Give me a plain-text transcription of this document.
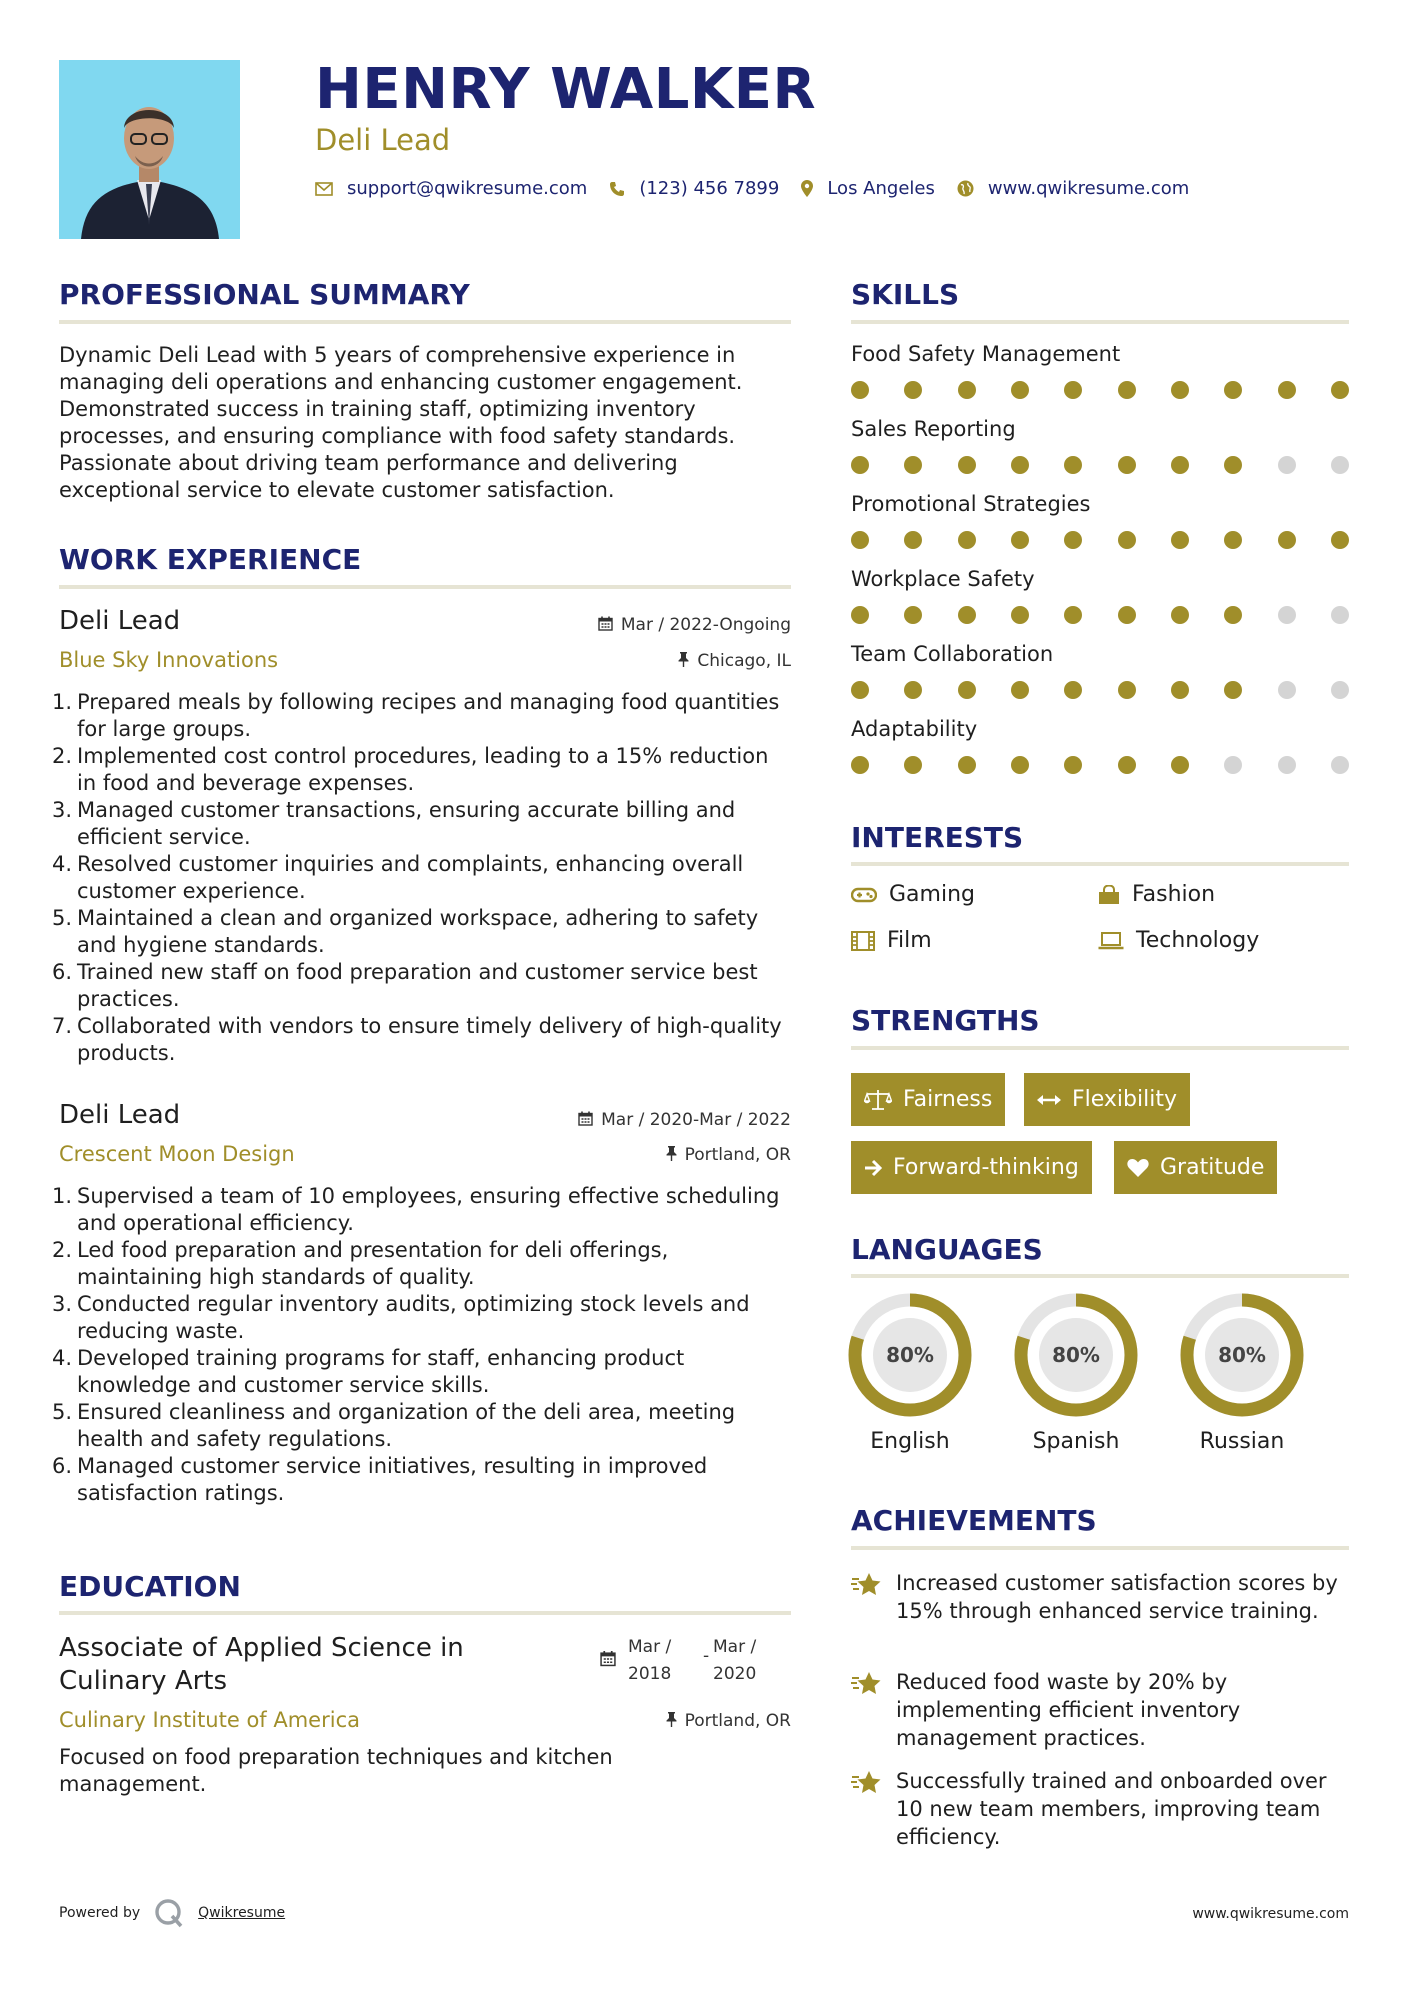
HENRY WALKER
Deli Lead
support@qwikresume.com	(123) 456 7899	Los Angeles	www.qwikresume.com
PROFESSIONAL SUMMARY
Dynamic Deli Lead with 5 years of comprehensive experience in managing deli operations and enhancing customer engagement. Demonstrated success in training staff, optimizing inventory processes, and ensuring compliance with food safety standards. Passionate about driving team performance and delivering exceptional service to elevate customer satisfaction.
WORK EXPERIENCE
Deli Lead	Mar / 2022-Ongoing
Blue Sky Innovations	Chicago, IL
1. Prepared meals by following recipes and managing food quantities for large groups.
2. Implemented cost control procedures, leading to a 15% reduction in food and beverage expenses.
3. Managed customer transactions, ensuring accurate billing and efficient service.
4. Resolved customer inquiries and complaints, enhancing overall customer experience.
5. Maintained a clean and organized workspace, adhering to safety and hygiene standards.
6. Trained new staff on food preparation and customer service best practices.
7. Collaborated with vendors to ensure timely delivery of high-quality products.
Deli Lead	Mar / 2020-Mar / 2022
Crescent Moon Design	Portland, OR
1. Supervised a team of 10 employees, ensuring effective scheduling and operational efficiency.
2. Led food preparation and presentation for deli offerings, maintaining high standards of quality.
3. Conducted regular inventory audits, optimizing stock levels and reducing waste.
4. Developed training programs for staff, enhancing product knowledge and customer service skills.
5. Ensured cleanliness and organization of the deli area, meeting health and safety regulations.
6. Managed customer service initiatives, resulting in improved satisfaction ratings.
EDUCATION
Associate of Applied Science in Culinary Arts
Mar /
2018
- Mar /
2020
Culinary Institute of America	Portland, OR
Focused on food preparation techniques and kitchen management.
SKILLS
Food Safety Management
Sales Reporting
Promotional Strategies
Workplace Safety
Team Collaboration
Adaptability
INTERESTS
Gaming	Fashion
Film	Technology
STRENGTHS
Fairness	Flexibility
Forward-thinking	Gratitude
LANGUAGES
80%
English
80%
Spanish
80%
Russian
ACHIEVEMENTS
Increased customer satisfaction scores by 15% through enhanced service training.
Reduced food waste by 20% by implementing efficient inventory management practices.
Successfully trained and onboarded over 10 new team members, improving team efficiency.
Powered by	Qwikresume	www.qwikresume.com
